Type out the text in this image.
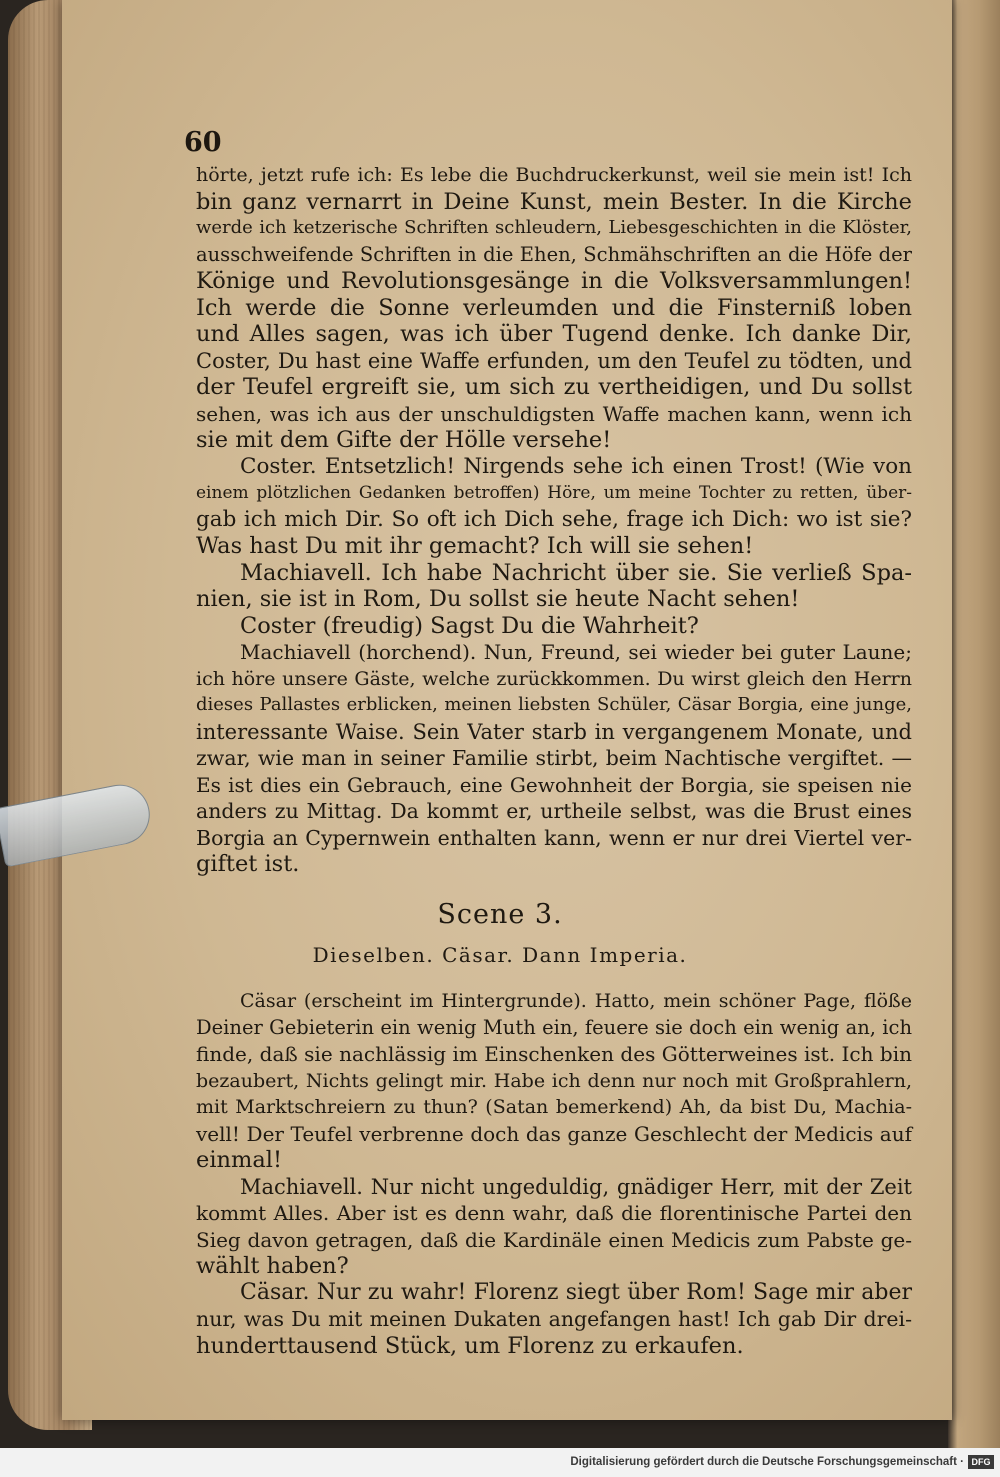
60
hörte, jetzt rufe ich: Es lebe die Buchdruckerkunst, weil sie mein ist! Ich
bin ganz vernarrt in Deine Kunst, mein Bester. In die Kirche
werde ich ketzerische Schriften schleudern, Liebesgeschichten in die Klöster,
ausschweifende Schriften in die Ehen, Schmähschriften an die Höfe der
Könige und Revolutionsgesänge in die Volksversammlungen!
Ich werde die Sonne verleumden und die Finsterniß loben
und Alles sagen, was ich über Tugend denke. Ich danke Dir,
Coster, Du hast eine Waffe erfunden, um den Teufel zu tödten, und
der Teufel ergreift sie, um sich zu vertheidigen, und Du sollst
sehen, was ich aus der unschuldigsten Waffe machen kann, wenn ich
sie mit dem Gifte der Hölle versehe!
Coster. Entsetzlich! Nirgends sehe ich einen Trost! (Wie von
einem plötzlichen Gedanken betroffen) Höre, um meine Tochter zu retten, über-
gab ich mich Dir. So oft ich Dich sehe, frage ich Dich: wo ist sie?
Was hast Du mit ihr gemacht? Ich will sie sehen!
Machiavell. Ich habe Nachricht über sie. Sie verließ Spa-
nien, sie ist in Rom, Du sollst sie heute Nacht sehen!
Coster (freudig) Sagst Du die Wahrheit?
Machiavell (horchend). Nun, Freund, sei wieder bei guter Laune;
ich höre unsere Gäste, welche zurückkommen. Du wirst gleich den Herrn
dieses Pallastes erblicken, meinen liebsten Schüler, Cäsar Borgia, eine junge,
interessante Waise. Sein Vater starb in vergangenem Monate, und
zwar, wie man in seiner Familie stirbt, beim Nachtische vergiftet. —
Es ist dies ein Gebrauch, eine Gewohnheit der Borgia, sie speisen nie
anders zu Mittag. Da kommt er, urtheile selbst, was die Brust eines
Borgia an Cypernwein enthalten kann, wenn er nur drei Viertel ver-
giftet ist.
Scene 3.
Dieselben. Cäsar. Dann Imperia.
Cäsar (erscheint im Hintergrunde). Hatto, mein schöner Page, flöße
Deiner Gebieterin ein wenig Muth ein, feuere sie doch ein wenig an, ich
finde, daß sie nachlässig im Einschenken des Götterweines ist. Ich bin
bezaubert, Nichts gelingt mir. Habe ich denn nur noch mit Großprahlern,
mit Marktschreiern zu thun? (Satan bemerkend) Ah, da bist Du, Machia-
vell! Der Teufel verbrenne doch das ganze Geschlecht der Medicis auf
einmal!
Machiavell. Nur nicht ungeduldig, gnädiger Herr, mit der Zeit
kommt Alles. Aber ist es denn wahr, daß die florentinische Partei den
Sieg davon getragen, daß die Kardinäle einen Medicis zum Pabste ge-
wählt haben?
Cäsar. Nur zu wahr! Florenz siegt über Rom! Sage mir aber
nur, was Du mit meinen Dukaten angefangen hast! Ich gab Dir drei-
hunderttausend Stück, um Florenz zu erkaufen.
Digitalisierung gefördert durch die Deutsche Forschungsgemeinschaft · DFG
